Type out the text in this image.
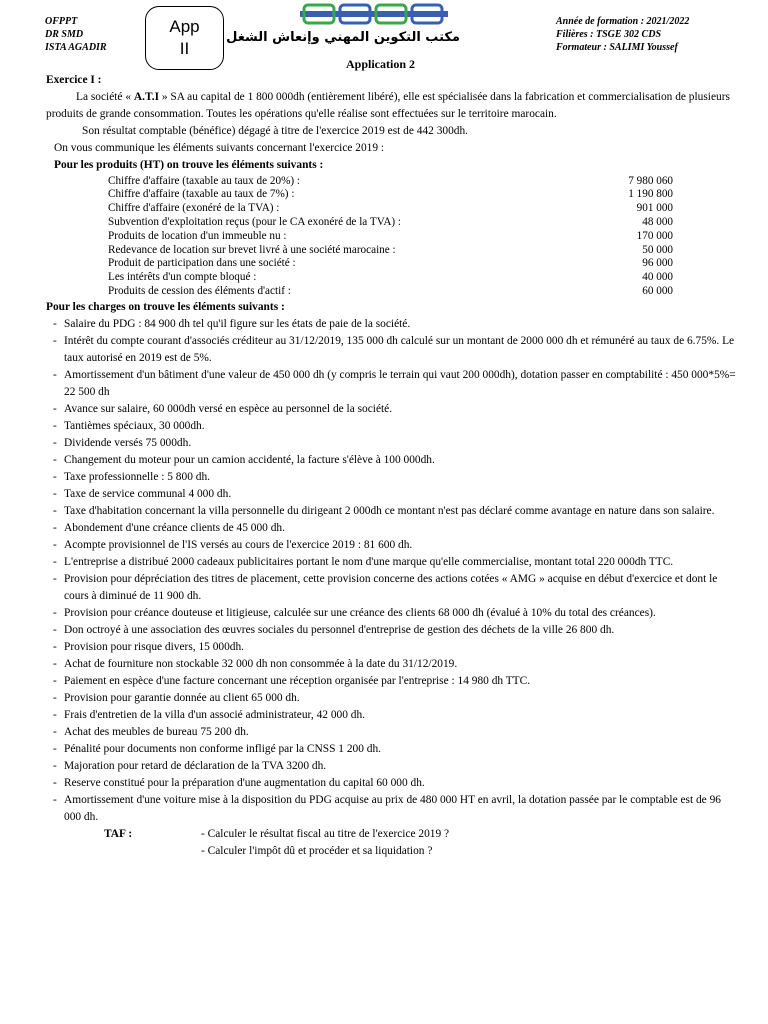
OFPPT
DR SMD
ISTA AGADIR
App
II
مكتب التكوين المهني وإنعاش الشغل
Année de formation : 2021/2022
Filières : TSGE 302 CDS
Formateur : SALIMI Youssef
Application 2

Exercice I :

La société « A.T.I » SA au capital de 1 800 000dh (entièrement libéré), elle est spécialisée dans la fabrication et commercialisation de plusieurs produits de grande consommation. Toutes les opérations qu'elle réalise sont effectuées sur le territoire marocain.

Son résultat comptable (bénéfice) dégagé à titre de l'exercice 2019 est de 442 300dh.

On vous communique les éléments suivants concernant l'exercice 2019 :

Pour les produits (HT) on trouve les éléments suivants :

Chiffre d'affaire (taxable au taux de 20%) :	7 980 060
Chiffre d'affaire (taxable au taux de 7%) :	1 190 800
Chiffre d'affaire (exonéré de la TVA) :	901 000
Subvention d'exploitation reçus (pour le CA exonéré de la TVA) :	48 000
Produits de location d'un immeuble nu :	170 000
Redevance de location sur brevet livré à une société marocaine :	50 000
Produit de participation dans une société :	96 000
Les intérêts d'un compte bloqué :	40 000
Produits de cession des éléments d'actif :	60 000

Pour les charges on trouve les éléments suivants :

- Salaire du PDG : 84 900 dh tel qu'il figure sur les états de paie de la société.
- Intérêt du compte courant d'associés créditeur au 31/12/2019, 135 000 dh calculé sur un montant de 2000 000 dh et rémunéré au taux de 6.75%. Le taux autorisé en 2019 est de 5%.
- Amortissement d'un bâtiment d'une valeur de 450 000 dh (y compris le terrain qui vaut 200 000dh), dotation passer en comptabilité : 450 000*5%= 22 500 dh
- Avance sur salaire, 60 000dh versé en espèce au personnel de la société.
- Tantièmes spéciaux, 30 000dh.
- Dividende versés 75 000dh.
- Changement du moteur pour un camion accidenté, la facture s'élève à 100 000dh.
- Taxe professionnelle : 5 800 dh.
- Taxe de service communal 4 000 dh.
- Taxe d'habitation concernant la villa personnelle du dirigeant 2 000dh ce montant n'est pas déclaré comme avantage en nature dans son salaire.
- Abondement d'une créance clients de 45 000 dh.
- Acompte provisionnel de l'IS versés au cours de l'exercice 2019 : 81 600 dh.
- L'entreprise a distribué 2000 cadeaux publicitaires portant le nom d'une marque qu'elle commercialise, montant total 220 000dh TTC.
- Provision pour dépréciation des titres de placement, cette provision concerne des actions cotées « AMG » acquise en début d'exercice et dont le cours à diminué de 11 900 dh.
- Provision pour créance douteuse et litigieuse, calculée sur une créance des clients 68 000 dh (évalué à 10% du total des créances).
- Don octroyé à une association des œuvres sociales du personnel d'entreprise de gestion des déchets de la ville 26 800 dh.
- Provision pour risque divers, 15 000dh.
- Achat de fourniture non stockable 32 000 dh non consommée à la date du 31/12/2019.
- Paiement en espèce d'une facture concernant une réception organisée par l'entreprise : 14 980 dh TTC.
- Provision pour garantie donnée au client 65 000 dh.
- Frais d'entretien de la villa d'un associé administrateur, 42 000 dh.
- Achat des meubles de bureau 75 200 dh.
- Pénalité pour documents non conforme infligé par la CNSS 1 200 dh.
- Majoration pour retard de déclaration de la TVA 3200 dh.
- Reserve constitué pour la préparation d'une augmentation du capital 60 000 dh.
- Amortissement d'une voiture mise à la disposition du PDG acquise au prix de 480 000 HT en avril, la dotation passée par le comptable est de 96 000 dh.
TAF :	- Calculer le résultat fiscal au titre de l'exercice 2019 ?
- Calculer l'impôt dû et procéder et sa liquidation ?
